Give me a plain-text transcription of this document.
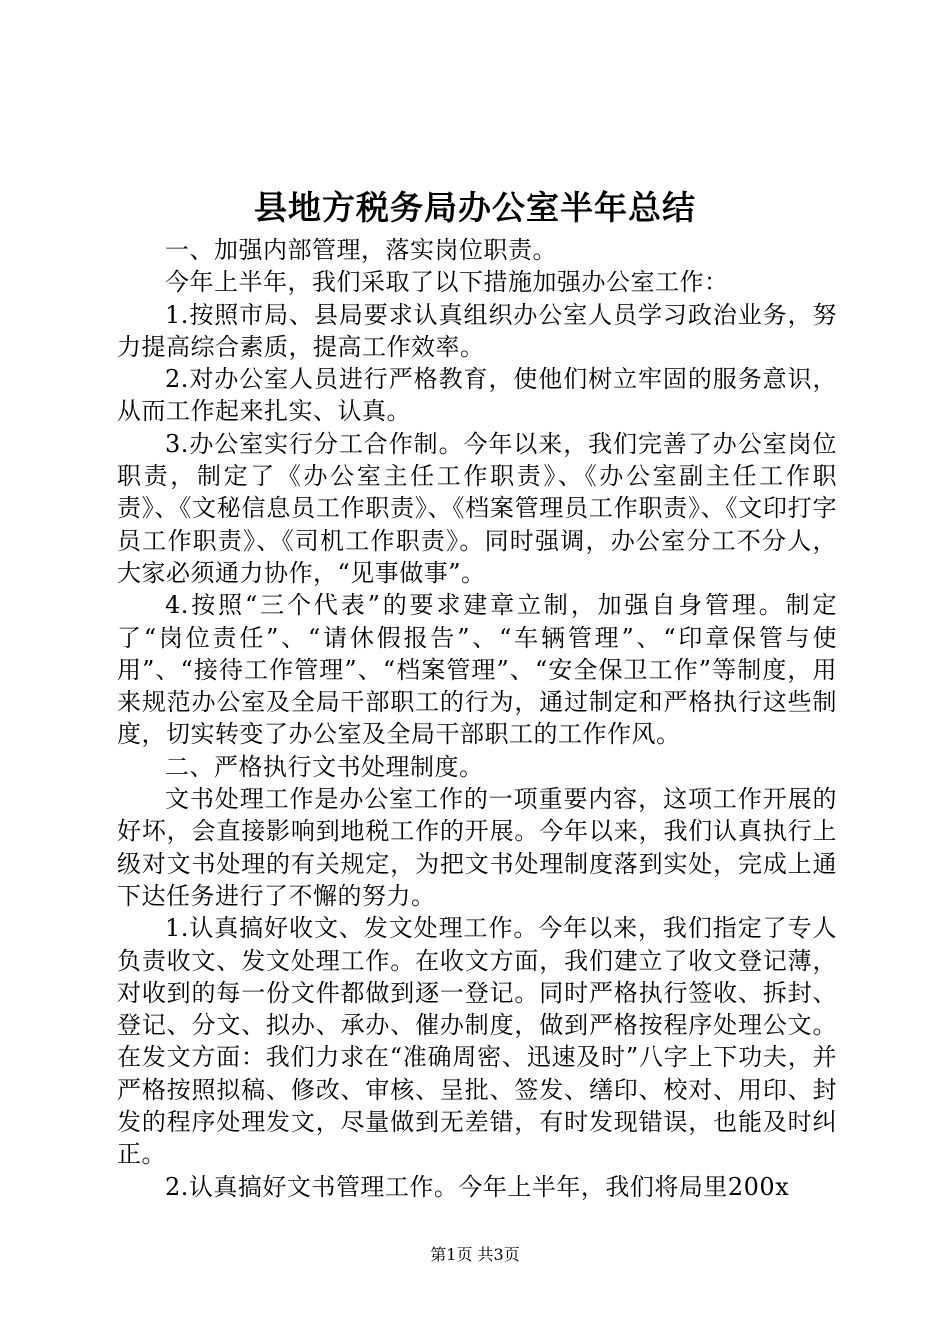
县地方税务局办公室半年总结

一、加强内部管理，落实岗位职责。

今年上半年，我们采取了以下措施加强办公室工作：

1.按照市局、县局要求认真组织办公室人员学习政治业务，努力提高综合素质，提高工作效率。

2.对办公室人员进行严格教育，使他们树立牢固的服务意识，从而工作起来扎实、认真。

3.办公室实行分工合作制。今年以来，我们完善了办公室岗位职责，制定了《办公室主任工作职责》、《办公室副主任工作职责》、《文秘信息员工作职责》、《档案管理员工作职责》、《文印打字员工作职责》、《司机工作职责》。同时强调，办公室分工不分人，大家必须通力协作，“见事做事”。

4.按照“三个代表”的要求建章立制，加强自身管理。制定了“岗位责任”、“请休假报告”、“车辆管理”、“印章保管与使用”、“接待工作管理”、“档案管理”、“安全保卫工作”等制度，用来规范办公室及全局干部职工的行为，通过制定和严格执行这些制度，切实转变了办公室及全局干部职工的工作作风。

二、严格执行文书处理制度。

文书处理工作是办公室工作的一项重要内容，这项工作开展的好坏，会直接影响到地税工作的开展。今年以来，我们认真执行上级对文书处理的有关规定，为把文书处理制度落到实处，完成上通下达任务进行了不懈的努力。

1.认真搞好收文、发文处理工作。今年以来，我们指定了专人负责收文、发文处理工作。在收文方面，我们建立了收文登记薄，对收到的每一份文件都做到逐一登记。同时严格执行签收、拆封、登记、分文、拟办、承办、催办制度，做到严格按程序处理公文。在发文方面：我们力求在“准确周密、迅速及时”八字上下功夫，并严格按照拟稿、修改、审核、呈批、签发、缮印、校对、用印、封发的程序处理发文，尽量做到无差错，有时发现错误，也能及时纠正。

2.认真搞好文书管理工作。今年上半年，我们将局里200x

第1页 共3页
